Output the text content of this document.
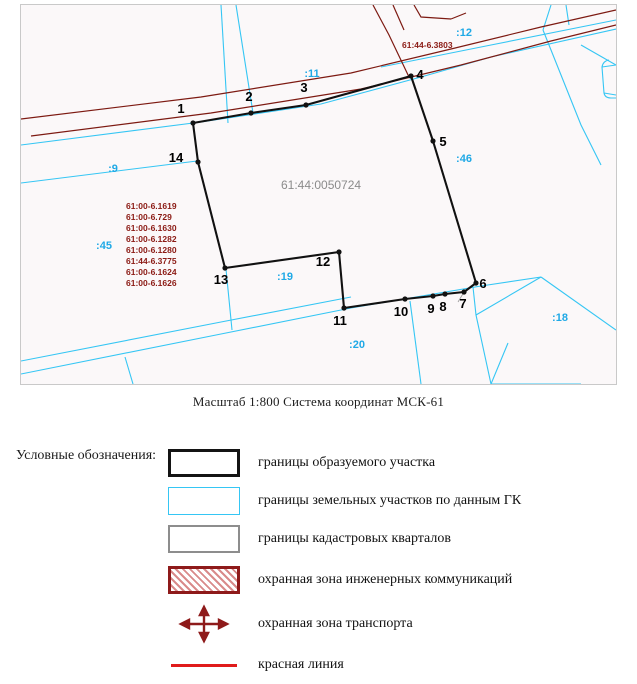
61:44-6.3803
61:44:0050724
1
2
3
4
5
6
7
8
9
10
11
12
13
14
:9
:11
:12
:45
:46
:18
:19
:20
61:00-6.1619
61:00-6.729
61:00-6.1630
61:00-6.1282
61:00-6.1280
61:44-6.3775
61:00-6.1624
61:00-6.1626
Масштаб 1:800 Система координат МСК-61
Условные обозначения:	границы образуемого участка
границы земельных участков по данным ГК
границы кадастровых кварталов
охранная зона инженерных коммуникаций
охранная зона транспорта
красная линия
